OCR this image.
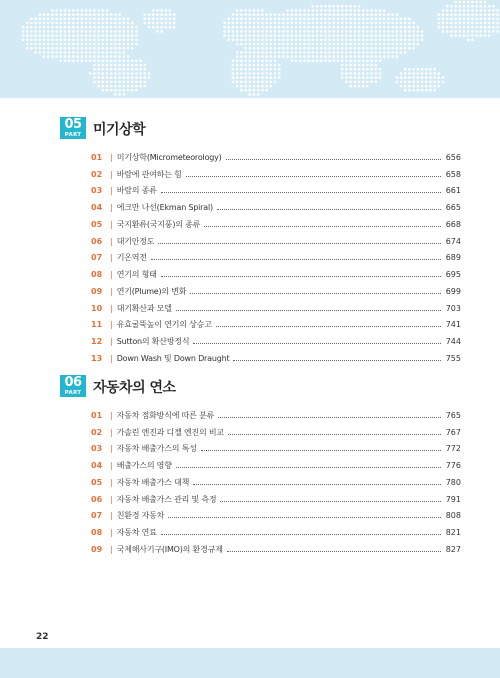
05
PART 미기상학
01 | 미기상학(Micrometeorology)	656
02 | 바람에 관여하는 힘	658
03 | 바람의 종류	661
04 | 에크만 나선(Ekman Spiral)	665
05 | 국지환류(국지풍)의 종류	668
06 | 대기안정도	674
07 | 기온역전	689
08 | 연기의 형태	695
09 | 연기(Plume)의 변화	699
10 | 대기확산과 모델	703
11 | 유효굴뚝높이 연기의 상승고	741
12 | Sutton의 확산방정식	744
13 | Down Wash 및 Down Draught	755
06
PART 자동차의 연소
01 | 자동차 점화방식에 따른 분류	765
02 | 가솔린 엔진과 디젤 엔진의 비교	767
03 | 자동차 배출가스의 특성	772
04 | 배출가스의 영향	776
05 | 자동차 배출가스 대책	780
06 | 자동차 배출가스 관리 및 측정	791
07 | 친환경 자동차	808
08 | 자동차 연료	821
09 | 국제해사기구(IMO)의 환경규제	827
22
